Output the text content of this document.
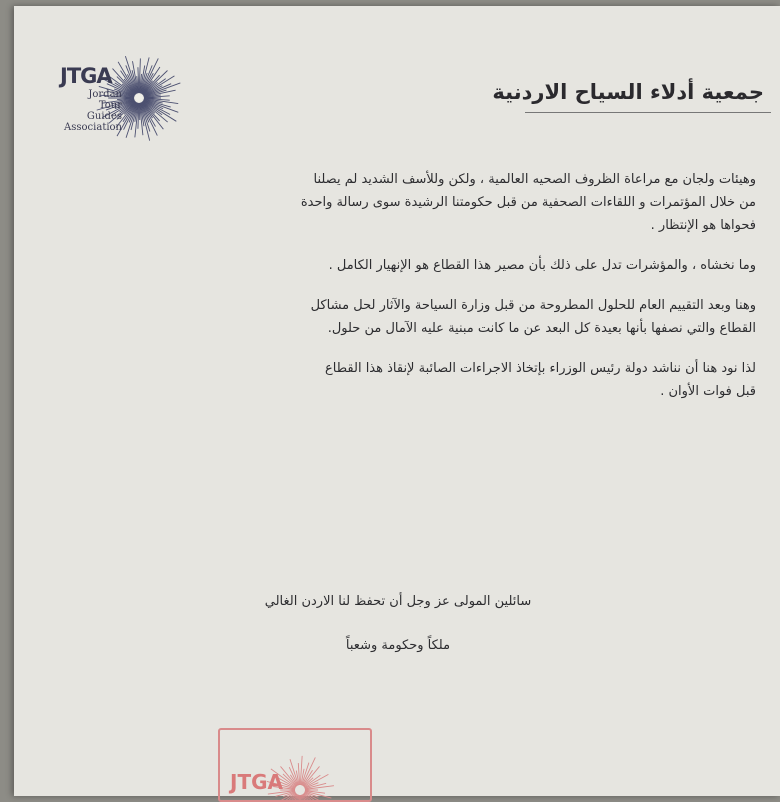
JTGA
Jordan
Tour
Guides
Association
جمعية أدلاء السياح الاردنية
وهيئات ولجان مع مراعاة الظروف الصحيه العالمية ، ولكن وللأسف الشديد لم يصلنا
من خلال المؤتمرات و اللقاءات الصحفية من قبل حكومتنا الرشيدة سوى رسالة واحدة
فحواها هو الإنتظار .
وما نخشاه ، والمؤشرات تدل على ذلك بأن مصير هذا القطاع هو الإنهيار الكامل .
وهنا وبعد التقييم العام للحلول المطروحة من قبل وزارة السياحة والآثار لحل مشاكل
القطاع والتي نصفها بأنها بعيدة كل البعد عن ما كانت مبنية عليه الآمال من حلول.
لذا نود هنا أن نناشد دولة رئيس الوزراء بإتخاذ الاجراءات الصائبة لإنقاذ هذا القطاع
قبل فوات الأوان .
سائلين المولى عز وجل أن تحفظ لنا الاردن الغالي
ملكاً وحكومة وشعباً
JTGA
